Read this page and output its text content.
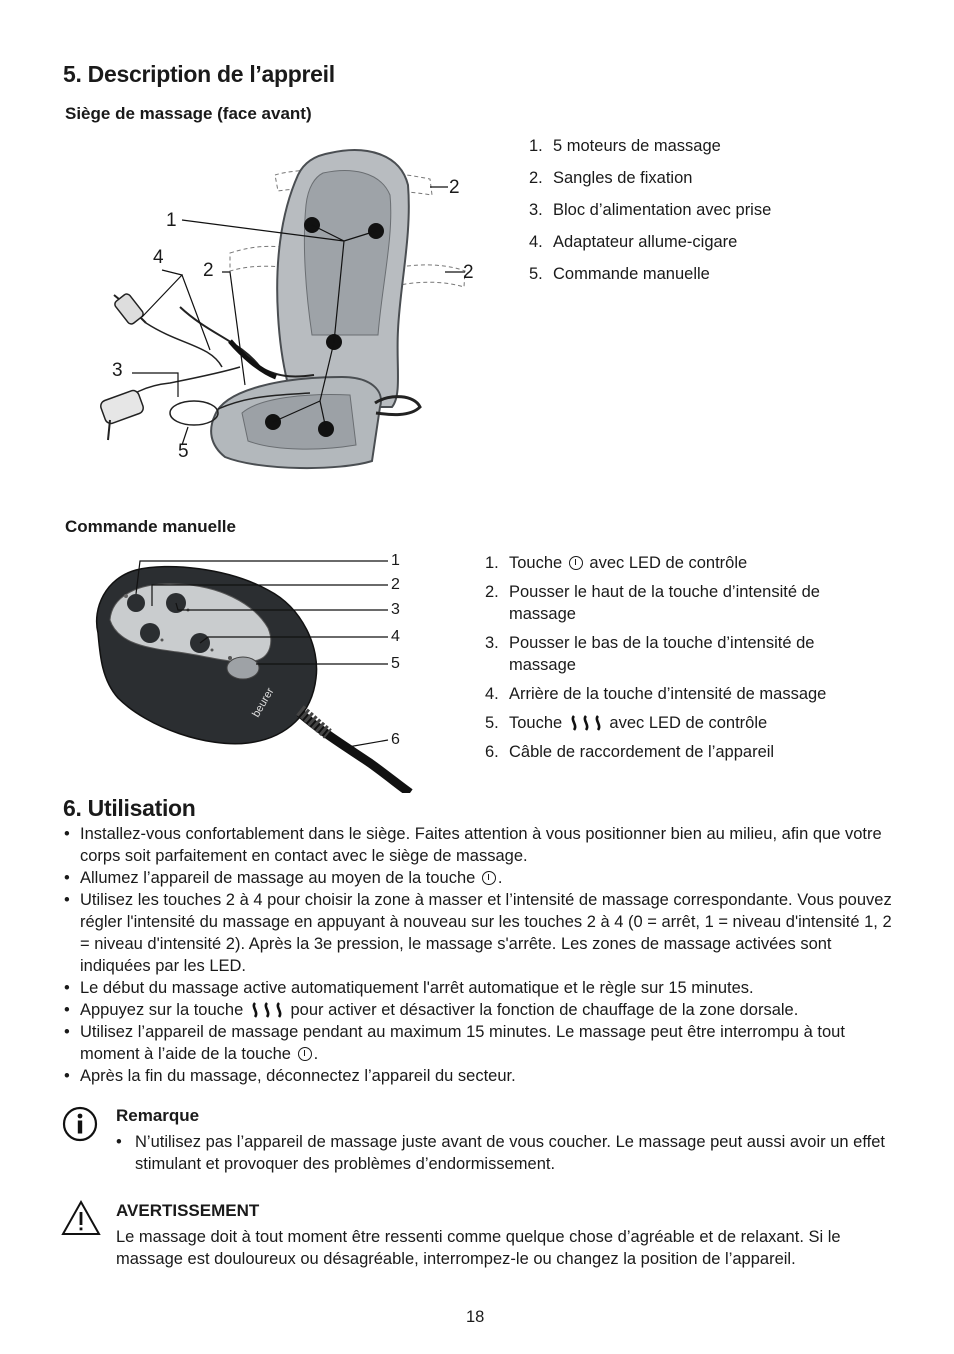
5. Description de l’appreil
Siège de massage (face avant)
1. 5 moteurs de massage
2. Sangles de fixation
3. Bloc d’alimentation avec prise
4. Adaptateur allume-cigare
5. Commande manuelle
1
4
2
2
2
3
5
Commande manuelle
beurer
1
2
3
4
5
6
1. Touche avec LED de contrôle
2. Pousser le haut de la touche d’intensité de massage
3. Pousser le bas de la touche d’intensité de massage
4. Arrière de la touche d’intensité de massage
5. Touche	avec LED de contrôle
6. Câble de raccordement de l’appareil
6. Utilisation
• Installez-vous confortablement dans le siège. Faites attention à vous positionner bien au milieu, afin que votre corps soit parfaitement en contact avec le siège de massage.
• Allumez l’appareil de massage au moyen de la touche .
• Utilisez les touches 2 à 4 pour choisir la zone à masser et l’intensité de massage correspondante. Vous pouvez régler l'intensité du massage en appuyant à nouveau sur les touches 2 à 4 (0 = arrêt, 1 = niveau d'intensité 1, 2 = niveau d'intensité 2). Après la 3e pression, le massage s'arrête. Les zones de massage activées sont indiquées par les LED.
• Le début du massage active automatiquement l'arrêt automatique et le règle sur 15 minutes.
• Appuyez sur la touche	pour activer et désactiver la fonction de chauffage de la zone dorsale.
• Utilisez l’appareil de massage pendant au maximum 15 minutes. Le massage peut être interrompu à tout moment à l’aide de la touche .
• Après la fin du massage, déconnectez l’appareil du secteur.
Remarque
• N’utilisez pas l’appareil de massage juste avant de vous coucher. Le massage peut aussi avoir un effet stimulant et provoquer des problèmes d’endormissement.
AVERTISSEMENT
Le massage doit à tout moment être ressenti comme quelque chose d’agréable et de relaxant. Si le massage est douloureux ou désagréable, interrompez-le ou changez la position de l’appareil.
18
